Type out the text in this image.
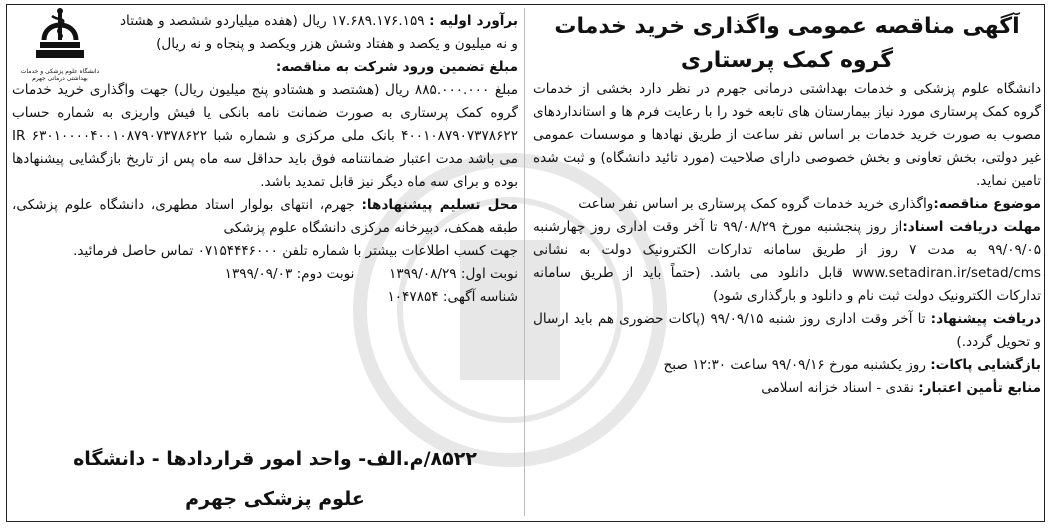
آگهی مناقصه عمومی واگذاری خرید خدمات

گروه کمک پرستاری

دانشگاه علوم پزشکی و خدمات بهداشتی درمانی جهرم در نظر دارد بخشی از خدمات گروه کمک پرستاری مورد نیاز بیمارستان های تابعه خود را با رعایت فرم ها و استانداردهای مصوب به صورت خرید خدمات بر اساس نفر ساعت از طریق نهادها و موسسات عمومی غیر دولتی، بخش تعاونی و بخش خصوصی دارای صلاحیت (مورد تائید دانشگاه) و ثبت شده تامین نماید.

موضوع مناقصه:واگذاری خرید خدمات گروه کمک پرستاری بر اساس نفر ساعت

مهلت دریافت اسناد:از روز پنجشنبه مورخ ۹۹/۰۸/۲۹ تا آخر وقت اداری روز چهارشنبه ۹۹/۰۹/۰۵ به مدت ۷ روز از طریق سامانه تدارکات الکترونیک دولت به نشانی www.setadiran.ir/setad/cms قابل دانلود می باشد. (حتماً باید از طریق سامانه تدارکات الکترونیک دولت ثبت نام و دانلود و بارگذاری شود)

دریافت پیشنهاد: تا آخر وقت اداری روز شنبه ۹۹/۰۹/۱۵ (پاکات حضوری هم باید ارسال و تحویل گردد.)

بازگشایی پاکات: روز یکشنبه مورخ ۹۹/۰۹/۱۶ ساعت ۱۲:۳۰ صبح

منابع تأمین اعتبار: نقدی - اسناد خزانه اسلامی

دانشگاه علوم پزشکی و خدمات بهداشتی درمانی جهرم

برآورد اولیه : ۱۷.۶۸۹.۱۷۶.۱۵۹ ریال (هفده میلیاردو ششصد و هشتاد و نه میلیون و یکصد و هفتاد وشش هزر ویکصد و پنجاه و نه ریال)

مبلغ تضمین ورود شرکت به مناقصه:

مبلغ ۸۸۵.۰۰۰.۰۰۰ ریال (هشتصد و هشتادو پنج میلیون ریال) جهت واگذاری خرید خدمات گروه کمک پرستاری به صورت ضمانت نامه بانکی یا فیش واریزی به شماره حساب ۴۰۰۱۰۸۷۹۰۷۳۷۸۶۲۲ بانک ملی مرکزی و شماره شبا IR ۶۳۰۱۰۰۰۰۴۰۰۱۰۸۷۹۰۷۳۷۸۶۲۲ می باشد مدت اعتبار ضمانتنامه فوق باید حداقل سه ماه پس از تاریخ بازگشایی پیشنهادها بوده و برای سه ماه دیگر نیز قابل تمدید باشد.

محل تسلیم پیشنهادها: جهرم، انتهای بولوار استاد مطهری، دانشگاه علوم پزشکی، طبقه همکف، دبیرخانه مرکزی دانشگاه علوم پزشکی

جهت کسب اطلاعات بیشتر با شماره تلفن ۰۷۱۵۴۴۴۶۰۰۰ تماس حاصل فرمائید.

نوبت اول: ۱۳۹۹/۰۸/۲۹        نوبت دوم: ۱۳۹۹/۰۹/۰۳

شناسه آگهی: ۱۰۴۷۸۵۴

۸۵۲۲/م.الف- واحد امور قراردادها - دانشگاه
علوم پزشکی جهرم
